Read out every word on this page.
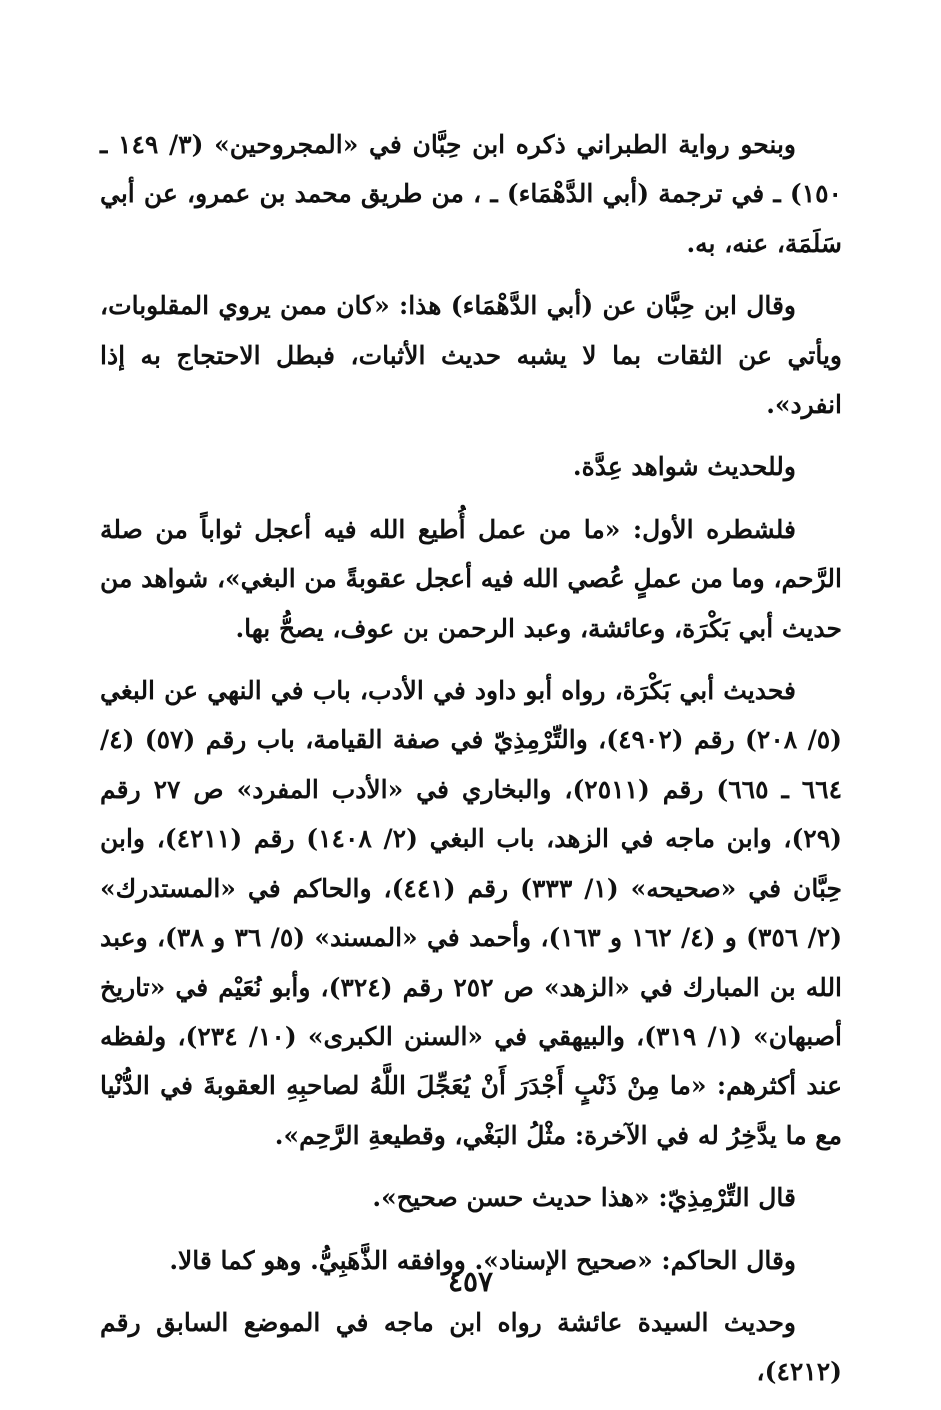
وبنحو رواية الطبراني ذكره ابن حِبَّان في «المجروحين» (٣/ ١٤٩ ـ ١٥٠) ـ في ترجمة (أبي الدَّهْمَاء) ـ ، من طريق محمد بن عمرو، عن أبي سَلَمَة، عنه، به.

وقال ابن حِبَّان عن (أبي الدَّهْمَاء) هذا: «كان ممن يروي المقلوبات، ويأتي عن الثقات بما لا يشبه حديث الأثبات، فبطل الاحتجاج به إذا انفرد».

وللحديث شواهد عِدَّة.

فلشطره الأول: «ما من عمل أُطيع الله فيه أعجل ثواباً من صلة الرَّحم، وما من عملٍ عُصي الله فيه أعجل عقوبةً من البغي»، شواهد من حديث أبي بَكْرَة، وعائشة، وعبد الرحمن بن عوف، يصحُّ بها.

فحديث أبي بَكْرَة، رواه أبو داود في الأدب، باب في النهي عن البغي (٥/ ٢٠٨) رقم (٤٩٠٢)، والتِّرْمِذِيّ في صفة القيامة، باب رقم (٥٧) (٤/ ٦٦٤ ـ ٦٦٥) رقم (٢٥١١)، والبخاري في «الأدب المفرد» ص ٢٧ رقم (٢٩)، وابن ماجه في الزهد، باب البغي (٢/ ١٤٠٨) رقم (٤٢١١)، وابن حِبَّان في «صحيحه» (١/ ٣٣٣) رقم (٤٤١)، والحاكم في «المستدرك» (٢/ ٣٥٦) و (٤/ ١٦٢ و ١٦٣)، وأحمد في «المسند» (٥/ ٣٦ و ٣٨)، وعبد الله بن المبارك في «الزهد» ص ٢٥٢ رقم (٣٢٤)، وأبو نُعَيْم في «تاريخ أصبهان» (١/ ٣١٩)، والبيهقي في «السنن الكبرى» (١٠/ ٢٣٤)، ولفظه عند أكثرهم: «ما مِنْ ذَنْبٍ أَجْدَرَ أَنْ يُعَجِّلَ اللَّهُ لصاحبِهِ العقوبةَ في الدُّنْيا مع ما يدَّخِرُ له في الآخرة: مثْلُ البَغْي، وقطيعةِ الرَّحِم».

قال التِّرْمِذِيّ: «هذا حديث حسن صحيح».

وقال الحاكم: «صحيح الإسناد». ووافقه الذَّهَبِيُّ. وهو كما قالا.

وحديث السيدة عائشة رواه ابن ماجه في الموضع السابق رقم (٤٢١٢)،

٤٥٧
